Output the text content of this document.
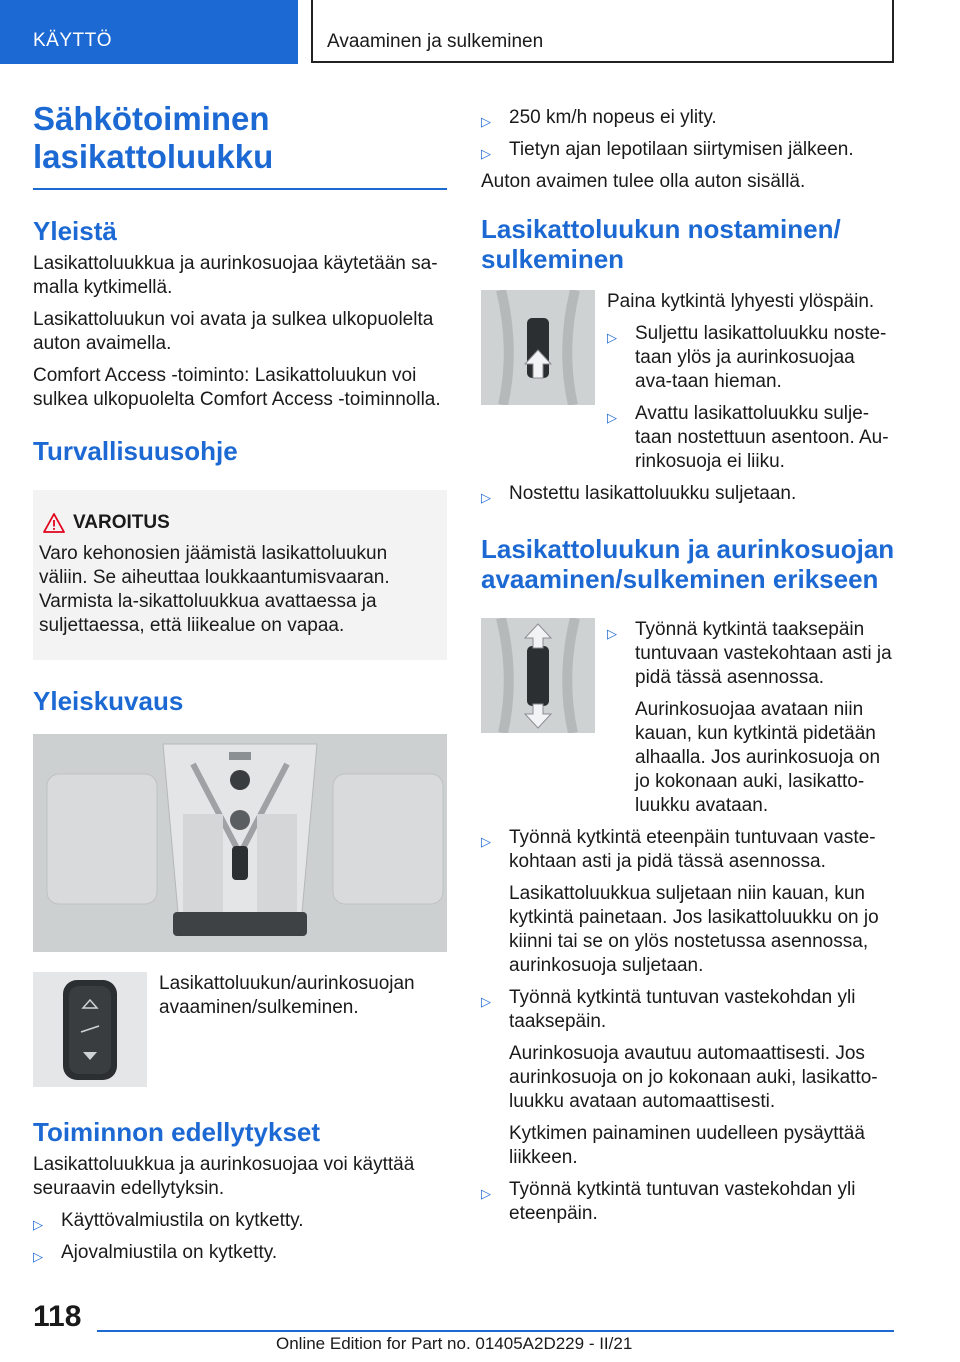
KÄYTTÖ	Avaaminen ja sulkeminen
Sähkötoiminen
lasikattoluukku
Yleistä

Lasikattoluukkua ja aurinkosuojaa käytetään sa-malla kytkimellä.

Lasikattoluukun voi avata ja sulkea ulkopuolelta auton avaimella.

Comfort Access -toiminto: Lasikattoluukun voi sulkea ulkopuolelta Comfort Access -toiminnolla.

Turvallisuusohje
VAROITUS

Varo kehonosien jäämistä lasikattoluukun väliin. Se aiheuttaa loukkaantumisvaaran. Varmista la-sikattoluukkua avattaessa ja suljettaessa, että liikealue on vapaa.

Yleiskuvaus

Lasikattoluukun/aurinkosuojan avaaminen/sulkeminen.

Toiminnon edellytykset

Lasikattoluukkua ja aurinkosuojaa voi käyttää seuraavin edellytyksin.

▷ Käyttövalmiustila on kytketty.
▷ Ajovalmiustila on kytketty.
▷ 250 km/h nopeus ei ylity.
▷ Tietyn ajan lepotilaan siirtymisen jälkeen.

Auton avaimen tulee olla auton sisällä.

Lasikattoluukun nostaminen/ sulkeminen

Paina kytkintä lyhyesti ylöspäin.

▷ Suljettu lasikattoluukku noste-taan ylös ja aurinkosuojaa ava-taan hieman.
▷ Avattu lasikattoluukku sulje-taan nostettuun asentoon. Au-rinkosuoja ei liiku.
▷ Nostettu lasikattoluukku suljetaan.
Lasikattoluukun ja aurinkosuojan avaaminen/sulkeminen erikseen
▷ Työnnä kytkintä taaksepäin tuntuvaan vastekohtaan asti ja pidä tässä asennossa.

Aurinkosuojaa avataan niin kauan, kun kytkintä pidetään alhaalla. Jos aurinkosuoja on jo kokonaan auki, lasikatto-luukku avataan.

▷ Työnnä kytkintä eteenpäin tuntuvaan vaste-kohtaan asti ja pidä tässä asennossa.

Lasikattoluukkua suljetaan niin kauan, kun kytkintä painetaan. Jos lasikattoluukku on jo kiinni tai se on ylös nostetussa asennossa, aurinkosuoja suljetaan.

▷ Työnnä kytkintä tuntuvan vastekohdan yli taaksepäin.

Aurinkosuoja avautuu automaattisesti. Jos aurinkosuoja on jo kokonaan auki, lasikatto-luukku avataan automaattisesti.

Kytkimen painaminen uudelleen pysäyttää liikkeen.

▷ Työnnä kytkintä tuntuvan vastekohdan yli eteenpäin.
118
Online Edition for Part no. 01405A2D229 - II/21
